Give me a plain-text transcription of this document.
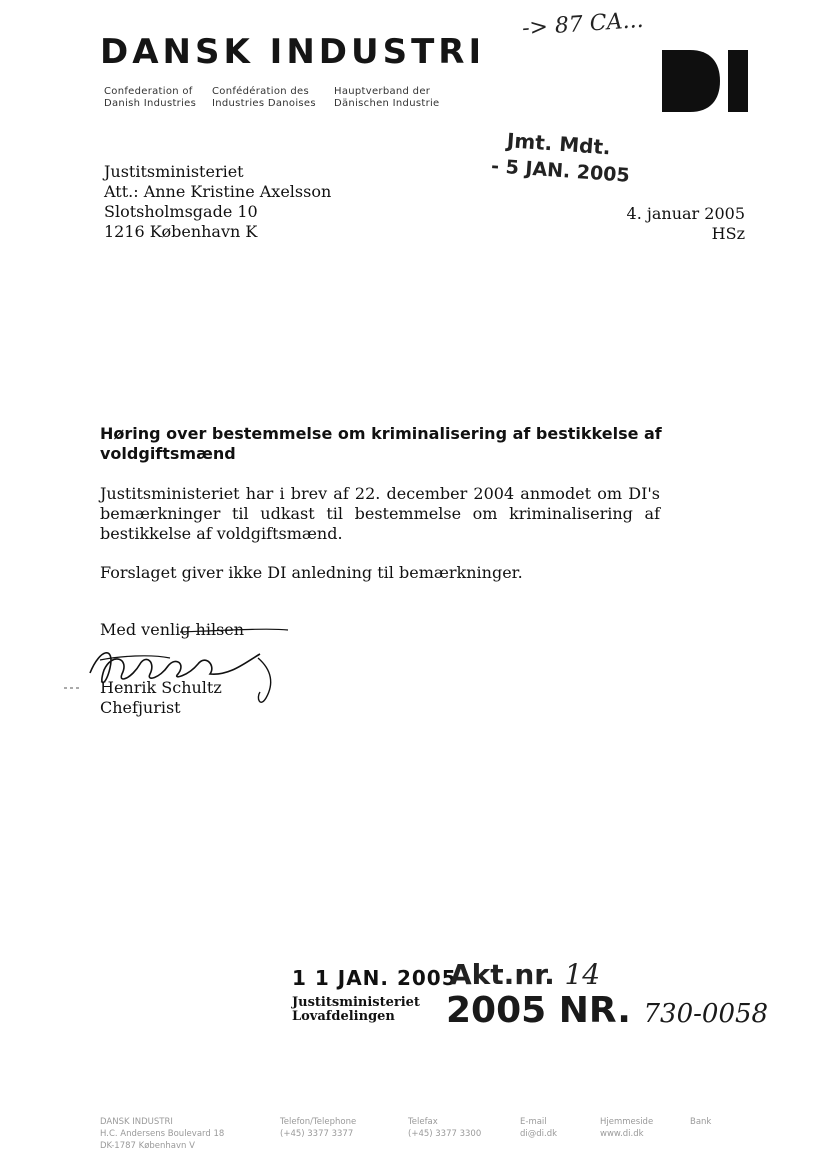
DANSK INDUSTRI
Confederation of
Danish Industries
Confédération des
Industries Danoises
Hauptverband der
Dänischen Industrie
-> 87 CA...
Jmt. Mdt.
- 5 JAN. 2005
Justitsministeriet
Att.: Anne Kristine Axelsson
Slotsholmsgade 10
1216 København K
4. januar 2005
HSz
Høring over bestemmelse om kriminalisering af bestikkelse af voldgiftsmænd
Justitsministeriet har i brev af 22. december 2004 anmodet om DI's bemærkninger til udkast til bestemmelse om kriminalisering af bestikkelse af voldgiftsmænd.
Forslaget giver ikke DI anledning til bemærkninger.
Med venlig hilsen
Henrik Schultz
Chefjurist
1 1 JAN. 2005
Justitsministeriet
Lovafdelingen
Akt.nr. 14
2005 NR. 730-0058
DANSK INDUSTRI
H.C. Andersens Boulevard 18
DK-1787 København V
Telefon/Telephone
(+45) 3377 3377
Telefax
(+45) 3377 3300
E-mail
di@di.dk
Hjemmeside
www.di.dk
Bank
